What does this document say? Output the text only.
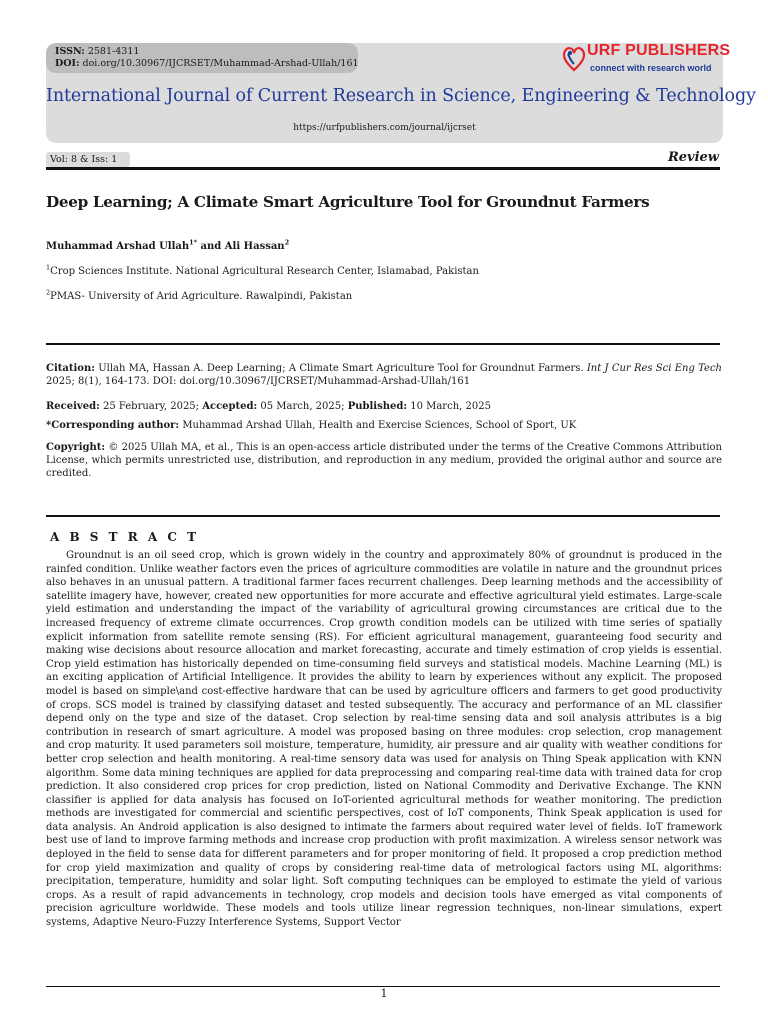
ISSN: 2581-4311
DOI: doi.org/10.30967/IJCRSET/Muhammad-Arshad-Ullah/161
URF PUBLISHERS
connect with research world
International Journal of Current Research in Science, Engineering & Technology
https://urfpublishers.com/journal/ijcrset
Vol: 8 & Iss: 1	Review
Deep Learning; A Climate Smart Agriculture Tool for Groundnut Farmers
Muhammad Arshad Ullah$^{1*}$ and Ali Hassan$^2$
$^1$Crop Sciences Institute. National Agricultural Research Center, Islamabad, Pakistan
$^2$PMAS- University of Arid Agriculture. Rawalpindi, Pakistan
Citation: Ullah MA, Hassan A. Deep Learning; A Climate Smart Agriculture Tool for Groundnut Farmers. Int J Cur Res Sci Eng Tech 2025; 8(1), 164-173. DOI: doi.org/10.30967/IJCRSET/Muhammad-Arshad-Ullah/161
Received: 25 February, 2025; Accepted: 05 March, 2025; Published: 10 March, 2025
*Corresponding author: Muhammad Arshad Ullah, Health and Exercise Sciences, School of Sport, UK
Copyright: © 2025 Ullah MA, et al., This is an open-access article distributed under the terms of the Creative Commons Attribution License, which permits unrestricted use, distribution, and reproduction in any medium, provided the original author and source are credited.
A B S T R A C T
Groundnut is an oil seed crop, which is grown widely in the country and approximately 80% of groundnut is produced in the rainfed condition. Unlike weather factors even the prices of agriculture commodities are volatile in nature and the groundnut prices also behaves in an unusual pattern. A traditional farmer faces recurrent challenges. Deep learning methods and the accessibility of satellite imagery have, however, created new opportunities for more accurate and effective agricultural yield estimates. Large-scale yield estimation and understanding the impact of the variability of agricultural growing circumstances are critical due to the increased frequency of extreme climate occurrences. Crop growth condition models can be utilized with time series of spatially explicit information from satellite remote sensing (RS). For efficient agricultural management, guaranteeing food security and making wise decisions about resource allocation and market forecasting, accurate and timely estimation of crop yields is essential. Crop yield estimation has historically depended on time-consuming field surveys and statistical models. Machine Learning (ML) is an exciting application of Artificial Intelligence. It provides the ability to learn by experiences without any explicit. The proposed model is based on simple\and cost-effective hardware that can be used by agriculture officers and farmers to get good productivity of crops. SCS model is trained by classifying dataset and tested subsequently. The accuracy and performance of an ML classifier depend only on the type and size of the dataset. Crop selection by real-time sensing data and soil analysis attributes is a big contribution in research of smart agriculture. A model was proposed basing on three modules: crop selection, crop management and crop maturity. It used parameters soil moisture, temperature, humidity, air pressure and air quality with weather conditions for better crop selection and health monitoring. A real-time sensory data was used for analysis on Thing Speak application with KNN algorithm. Some data mining techniques are applied for data preprocessing and comparing real-time data with trained data for crop prediction. It also considered crop prices for crop prediction, listed on National Commodity and Derivative Exchange. The KNN classifier is applied for data analysis has focused on IoT-oriented agricultural methods for weather monitoring. The prediction methods are investigated for commercial and scientific perspectives, cost of IoT components, Think Speak application is used for data analysis. An Android application is also designed to intimate the farmers about required water level of fields. IoT framework best use of land to improve farming methods and increase crop production with profit maximization. A wireless sensor network was deployed in the field to sense data for different parameters and for proper monitoring of field. It proposed a crop prediction method for crop yield maximization and quality of crops by considering real-time data of metrological factors using ML algorithms: precipitation, temperature, humidity and solar light. Soft computing techniques can be employed to estimate the yield of various crops. As a result of rapid advancements in technology, crop models and decision tools have emerged as vital components of precision agriculture worldwide. These models and tools utilize linear regression techniques, non-linear simulations, expert systems, Adaptive Neuro-Fuzzy Interference Systems, Support Vector
1
